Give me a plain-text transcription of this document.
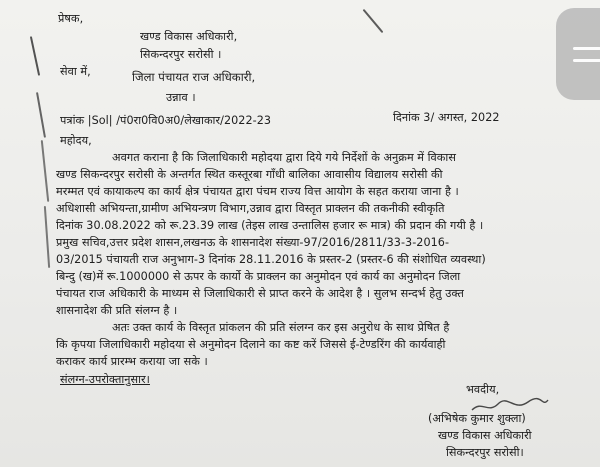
प्रेषक,
खण्ड विकास अधिकारी,
सिकन्दरपुर सरोसी ।
सेवा में,	जिला पंचायत राज अधिकारी,
उन्नाव ।
पत्रांक |Sol| /पं0रा0वि0अ0/लेखाकार/2022-23	दिनांक 3/ अगस्त, 2022
महोदय,
अवगत कराना है कि जिलाधिकारी महोदया द्वारा दिये गये निर्देशों के अनुक्रम में विकास
खण्ड सिकन्दरपुर सरोसी के अन्तर्गत स्थित कस्तूरबा गाँधी बालिका आवासीय विद्यालय सरोसी की
मरम्मत एवं कायाकल्प का कार्य क्षेत्र पंचायत द्वारा पंचम राज्य वित्त आयोग के सहत कराया जाना है ।
अधिशासी अभियन्ता,ग्रामीण अभियन्त्रण विभाग,उन्नाव द्वारा विस्तृत प्राक्लन की तकनीकी स्वीकृति
दिनांक 30.08.2022 को रू.23.39 लाख (तेइस लाख उन्तालिस हजार रू मात्र) की प्रदान की गयी है ।
प्रमुख सचिव,उत्तर प्रदेश शासन,लखनऊ के शासनादेश संख्या-97/2016/2811/33-3-2016-
03/2015 पंचायती राज अनुभाग-3 दिनांक 28.11.2016 के प्रस्तर-2 (प्रस्तर-6 की संशोधित व्यवस्था)
बिन्दु (ख)में रू.1000000 से ऊपर के कार्यो के प्राक्लन का अनुमोदन एवं कार्य का अनुमोदन जिला
पंचायत राज अधिकारी के माध्यम से जिलाधिकारी से प्राप्त करने के आदेश है । सुलभ सन्दर्भ हेतु उक्त
शासनादेश की प्रति संलग्न है ।
अतः उक्त कार्य के विस्तृत प्रांकलन की प्रति संलग्न कर इस अनुरोध के साथ प्रेषित है
कि कृपया जिलाधिकारी महोदया से अनुमोदन दिलाने का कष्ट करें जिससे ई-टेण्डरिंग की कार्यवाही
कराकर कार्य प्रारम्भ कराया जा सके ।
संलग्न-उपरोक्तानुसार।
भवदीय,
(अभिषेक कुमार शुक्ला)
खण्ड विकास अधिकारी
सिकन्दरपुर सरोसी।
